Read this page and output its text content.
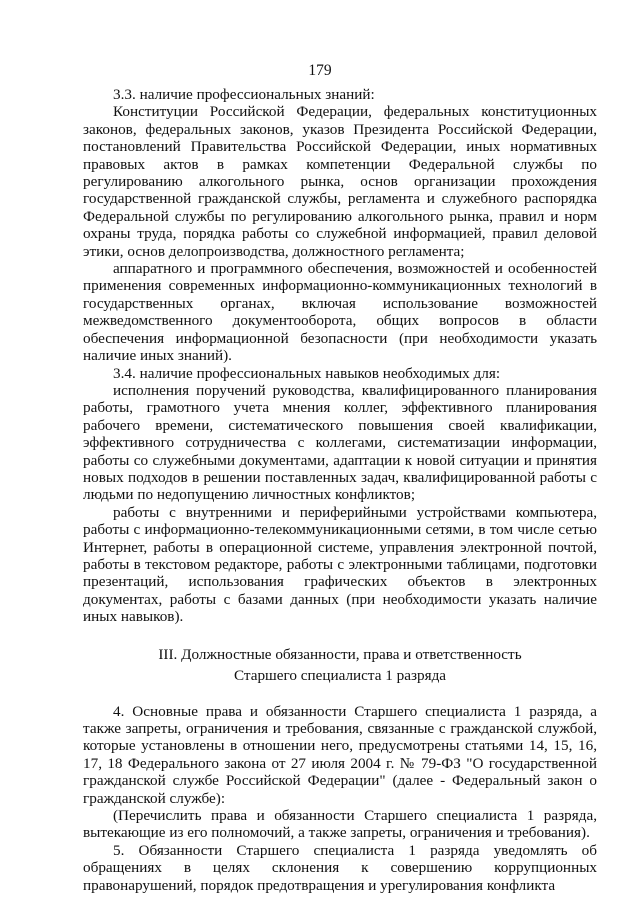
179

3.3. наличие профессиональных знаний:

Конституции Российской Федерации, федеральных конституционных законов, федеральных законов, указов Президента Российской Федерации, постановлений Правительства Российской Федерации, иных нормативных правовых актов в рамках компетенции Федеральной службы по регулированию алкогольного рынка, основ организации прохождения государственной гражданской службы, регламента и служебного распорядка Федеральной службы по регулированию алкогольного рынка, правил и норм охраны труда, порядка работы со служебной информацией, правил деловой этики, основ делопроизводства, должностного регламента;

аппаратного и программного обеспечения, возможностей и особенностей применения современных информационно-коммуникационных технологий в государственных органах, включая использование возможностей межведомственного документооборота, общих вопросов в области обеспечения информационной безопасности (при необходимости указать наличие иных знаний).

3.4. наличие профессиональных навыков необходимых для:

исполнения поручений руководства, квалифицированного планирования работы, грамотного учета мнения коллег, эффективного планирования рабочего времени, систематического повышения своей квалификации, эффективного сотрудничества с коллегами, систематизации информации, работы со служебными документами, адаптации к новой ситуации и принятия новых подходов в решении поставленных задач, квалифицированной работы с людьми по недопущению личностных конфликтов;

работы с внутренними и периферийными устройствами компьютера, работы с информационно-телекоммуникационными сетями, в том числе сетью Интернет, работы в операционной системе, управления электронной почтой, работы в текстовом редакторе, работы с электронными таблицами, подготовки презентаций, использования графических объектов в электронных документах, работы с базами данных (при необходимости указать наличие иных навыков).

III. Должностные обязанности, права и ответственность

Старшего специалиста 1 разряда

4. Основные права и обязанности Старшего специалиста 1 разряда, а также запреты, ограничения и требования, связанные с гражданской службой, которые установлены в отношении него, предусмотрены статьями 14, 15, 16, 17, 18 Федерального закона от 27 июля 2004 г. № 79-ФЗ "О государственной гражданской службе Российской Федерации" (далее - Федеральный закон о гражданской службе):

(Перечислить права и обязанности Старшего специалиста 1 разряда, вытекающие из его полномочий, а также запреты, ограничения и требования).

5. Обязанности Старшего специалиста 1 разряда уведомлять об обращениях в целях склонения к совершению коррупционных правонарушений, порядок предотвращения и урегулирования конфликта
